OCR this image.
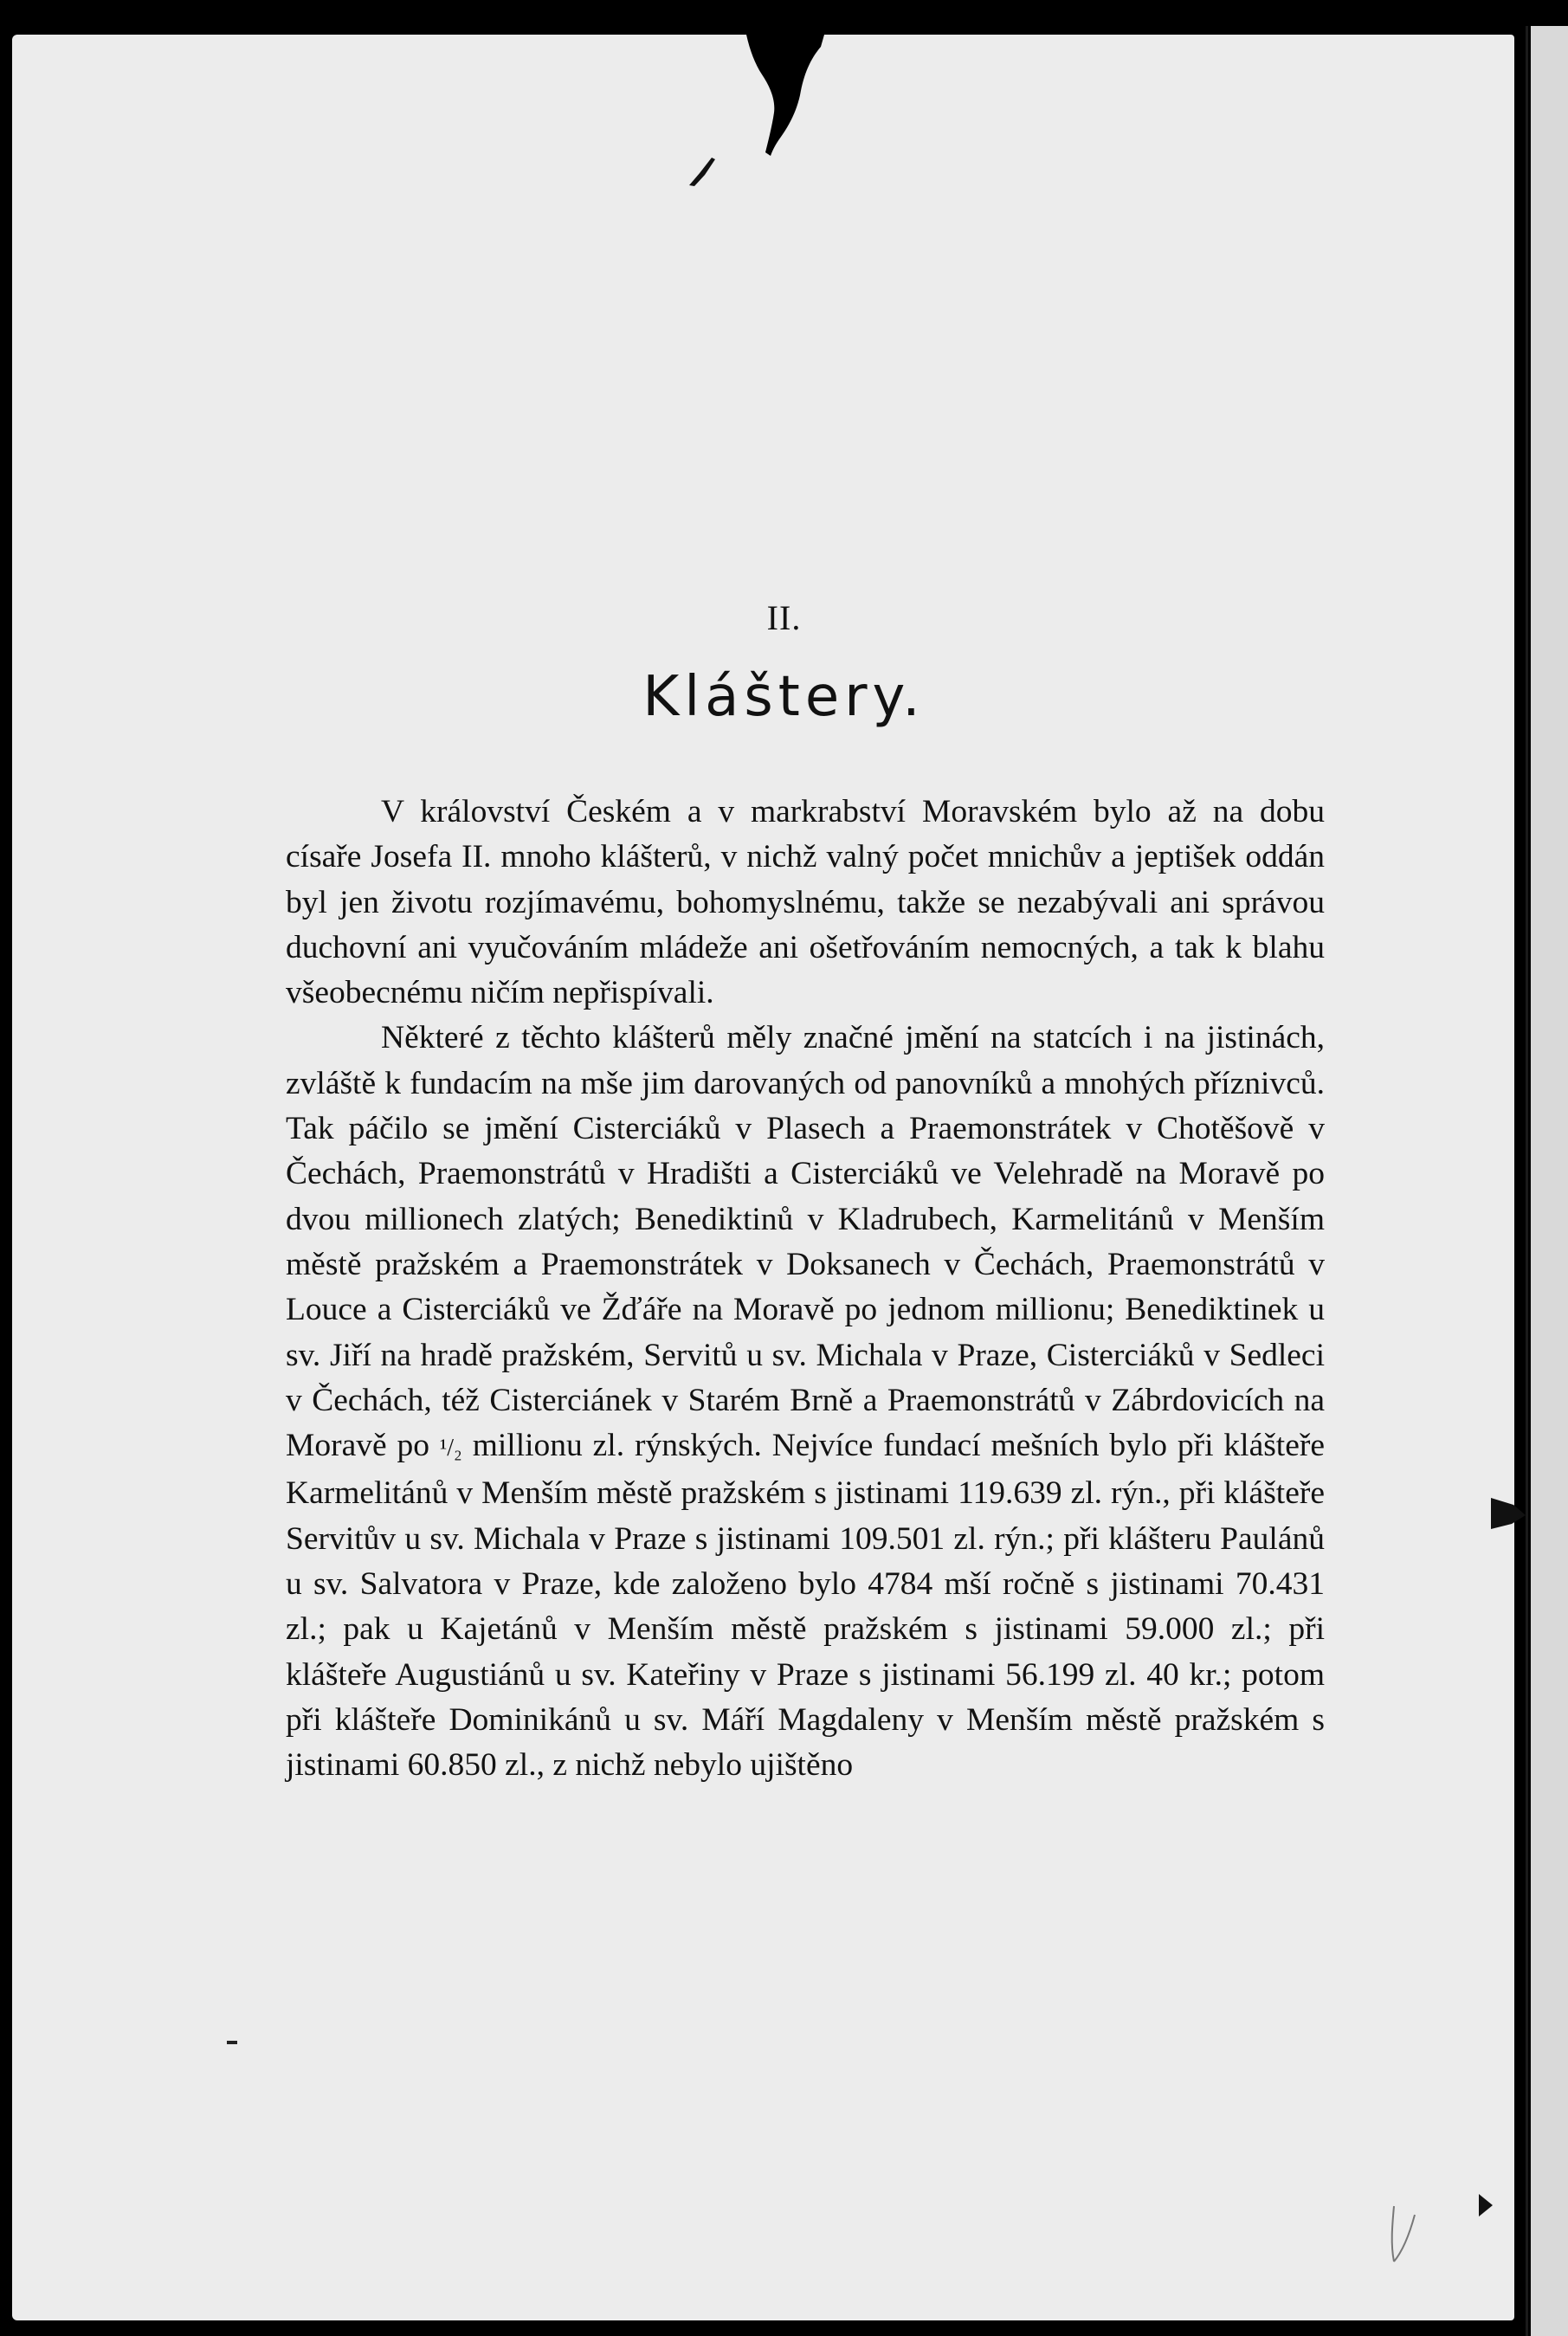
II.
Kláštery.

V království Českém a v markrabství Moravském bylo až na dobu císaře Josefa II. mnoho klášterů, v nichž valný počet mnichův a jeptišek oddán byl jen životu rozjímavému, bohomyslnému, takže se nezabývali ani správou duchovní ani vyučováním mládeže ani ošetřováním nemocných, a tak k blahu všeobecnému ničím nepřispívali.

Některé z těchto klášterů měly značné jmění na statcích i na jistinách, zvláště k fundacím na mše jim darovaných od panovníků a mnohých příznivců. Tak páčilo se jmění Cisterciáků v Plasech a Praemonstrátek v Chotěšově v Čechách, Praemonstrátů v Hradišti a Cisterciáků ve Velehradě na Moravě po dvou millionech zlatých; Benediktinů v Kladrubech, Karmelitánů v Menším městě pražském a Praemonstrátek v Doksanech v Čechách, Praemonstrátů v Louce a Cisterciáků ve Žďáře na Moravě po jednom millionu; Benediktinek u sv. Jiří na hradě pražském, Servitů u sv. Michala v Praze, Cisterciáků v Sedleci v Čechách, též Cisterciánek v Starém Brně a Praemonstrátů v Zábrdovicích na Moravě po ¹/₂ millionu zl. rýnských. Nejvíce fundací mešních bylo při klášteře Karmelitánů v Menším městě pražském s jistinami 119.639 zl. rýn., při klášteře Servitův u sv. Michala v Praze s jistinami 109.501 zl. rýn.; při klášteru Paulánů u sv. Salvatora v Praze, kde založeno bylo 4784 mší ročně s jistinami 70.431 zl.; pak u Kajetánů v Menším městě pražském s jistinami 59.000 zl.; při klášteře Augustiánů u sv. Kateřiny v Praze s jistinami 56.199 zl. 40 kr.; potom při klášteře Dominikánů u sv. Máří Magdaleny v Menším městě pražském s jistinami 60.850 zl., z nichž nebylo ujištěno
